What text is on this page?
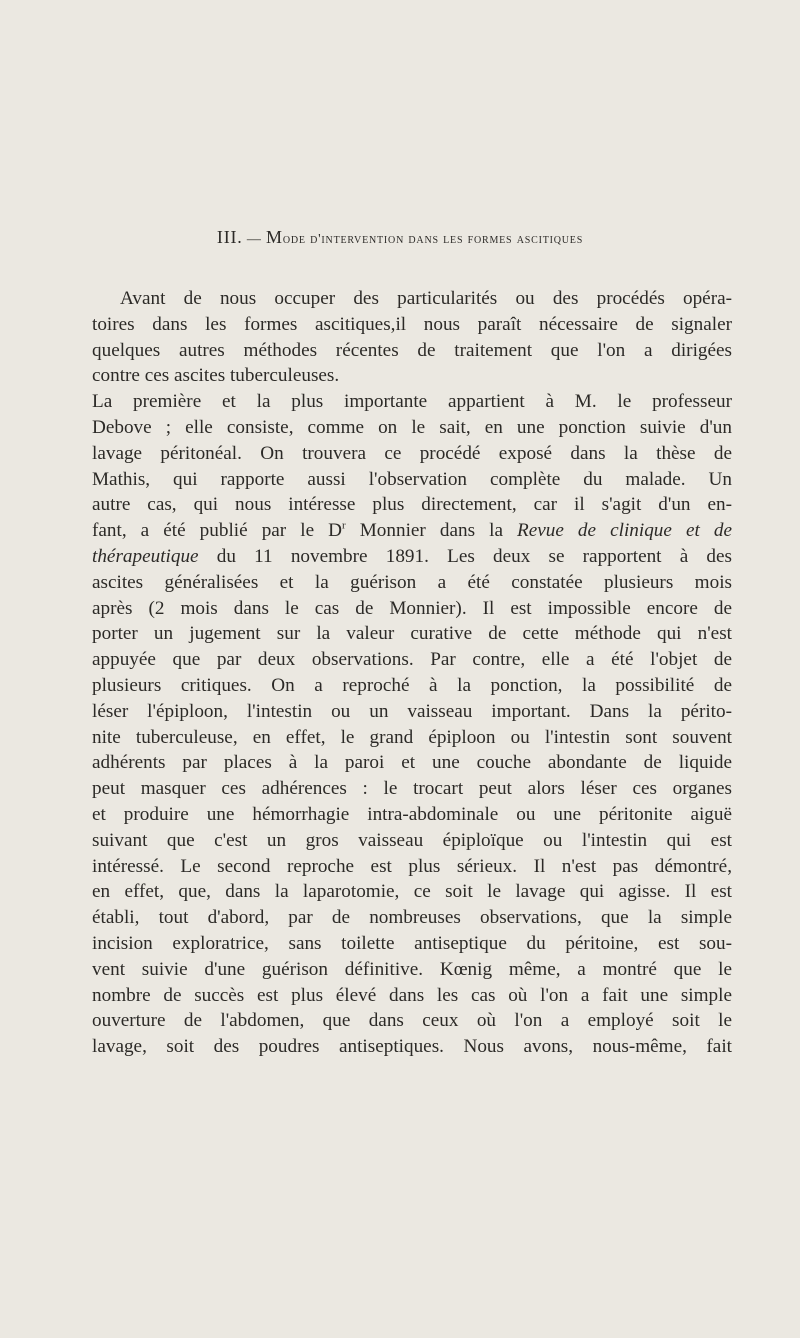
III. — Mode d'intervention dans les formes ascitiques
Avant de nous occuper des particularités ou des procédés opéra-
toires dans les formes ascitiques,il nous paraît nécessaire de signaler
quelques autres méthodes récentes de traitement que l'on a dirigées
contre ces ascites tuberculeuses.
La première et la plus importante appartient à M. le professeur
Debove ; elle consiste, comme on le sait, en une ponction suivie d'un
lavage péritonéal. On trouvera ce procédé exposé dans la thèse de
Mathis, qui rapporte aussi l'observation complète du malade. Un
autre cas, qui nous intéresse plus directement, car il s'agit d'un en-
fant, a été publié par le $D^r$ Monnier dans la Revue de clinique et de
thérapeutique du 11 novembre 1891. Les deux se rapportent à des
ascites généralisées et la guérison a été constatée plusieurs mois
après (2 mois dans le cas de Monnier). Il est impossible encore de
porter un jugement sur la valeur curative de cette méthode qui n'est
appuyée que par deux observations. Par contre, elle a été l'objet de
plusieurs critiques. On a reproché à la ponction, la possibilité de
léser l'épiploon, l'intestin ou un vaisseau important. Dans la périto-
nite tuberculeuse, en effet, le grand épiploon ou l'intestin sont souvent
adhérents par places à la paroi et une couche abondante de liquide
peut masquer ces adhérences : le trocart peut alors léser ces organes
et produire une hémorrhagie intra-abdominale ou une péritonite aiguë
suivant que c'est un gros vaisseau épiploïque ou l'intestin qui est
intéressé. Le second reproche est plus sérieux. Il n'est pas démontré,
en effet, que, dans la laparotomie, ce soit le lavage qui agisse. Il est
établi, tout d'abord, par de nombreuses observations, que la simple
incision exploratrice, sans toilette antiseptique du péritoine, est sou-
vent suivie d'une guérison définitive. Kœnig même, a montré que le
nombre de succès est plus élevé dans les cas où l'on a fait une simple
ouverture de l'abdomen, que dans ceux où l'on a employé soit le
lavage, soit des poudres antiseptiques. Nous avons, nous-même, fait
